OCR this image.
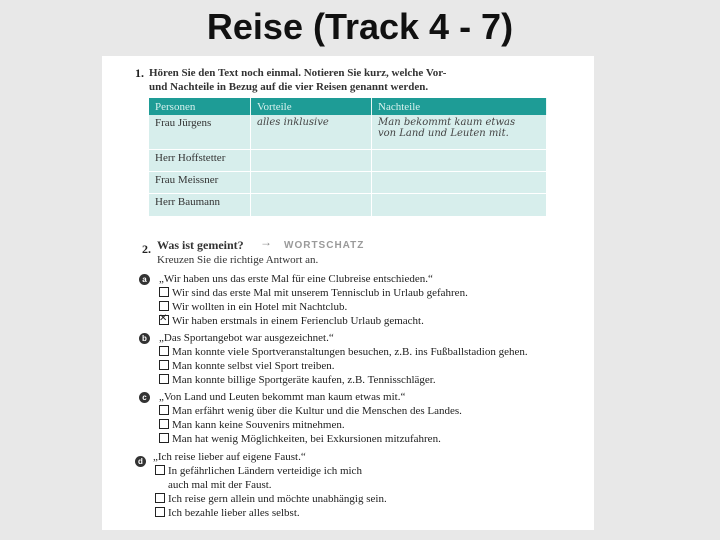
Reise (Track 4 - 7)
1. Hören Sie den Text noch einmal. Notieren Sie kurz, welche Vor-
und Nachteile in Bezug auf die vier Reisen genannt werden.
Personen	Vorteile	Nachteile
Frau Jürgens	alles inklusive	Man bekommt kaum etwas
von Land und Leuten mit.

Herr Hoffstetter		
Frau Meissner		
Herr Baumann		
2. Was ist gemeint? → WORTSCHATZ
Kreuzen Sie die richtige Antwort an.
a „Wir haben uns das erste Mal für eine Clubreise entschieden.“
Wir sind das erste Mal mit unserem Tennisclub in Urlaub gefahren.
Wir wollten in ein Hotel mit Nachtclub.
✕Wir haben erstmals in einem Ferienclub Urlaub gemacht.
b „Das Sportangebot war ausgezeichnet.“
Man konnte viele Sportveranstaltungen besuchen, z.B. ins Fußballstadion gehen.
Man konnte selbst viel Sport treiben.
Man konnte billige Sportgeräte kaufen, z.B. Tennisschläger.
c „Von Land und Leuten bekommt man kaum etwas mit.“
Man erfährt wenig über die Kultur und die Menschen des Landes.
Man kann keine Souvenirs mitnehmen.
Man hat wenig Möglichkeiten, bei Exkursionen mitzufahren.
d „Ich reise lieber auf eigene Faust.“
In gefährlichen Ländern verteidige ich mich
auch mal mit der Faust.
Ich reise gern allein und möchte unabhängig sein.
Ich bezahle lieber alles selbst.
